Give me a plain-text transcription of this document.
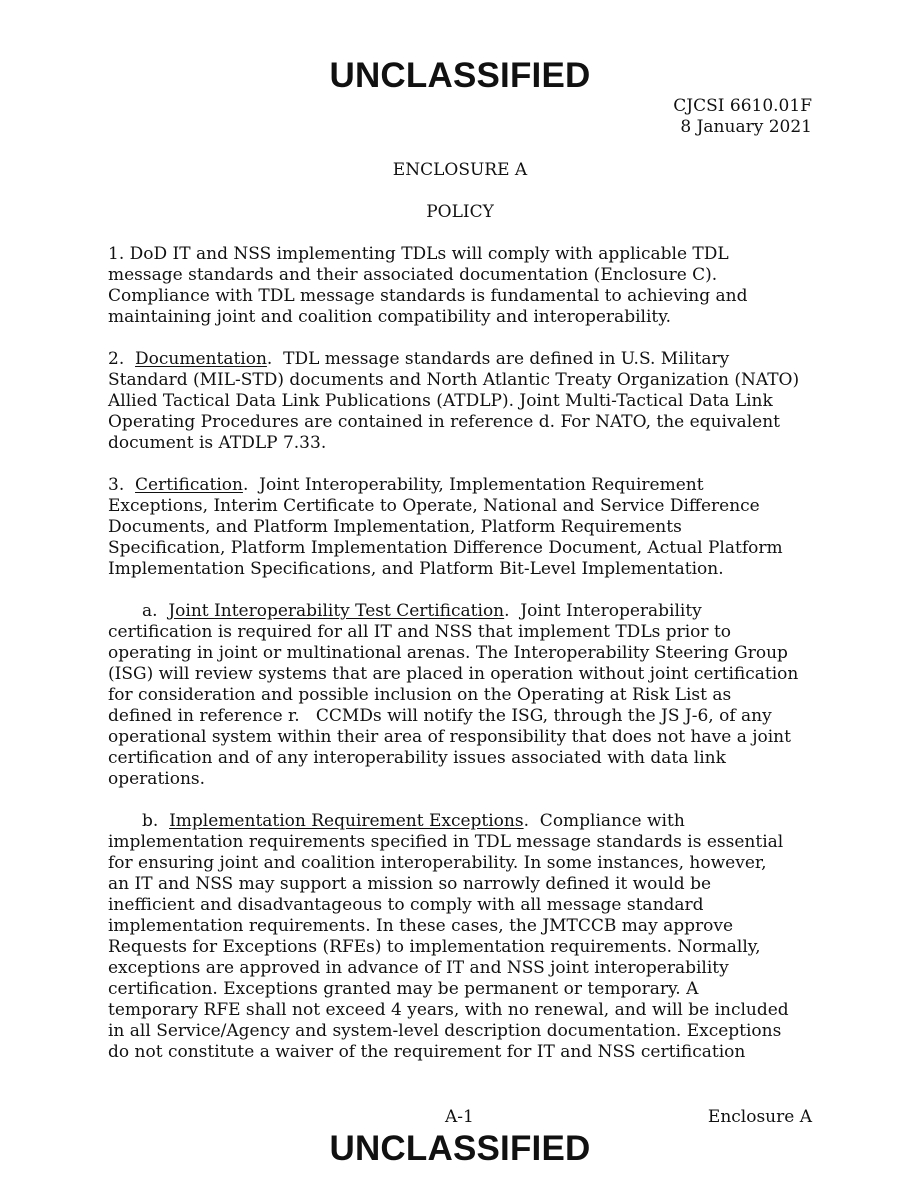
UNCLASSIFIED
CJCSI 6610.01F
8 January 2021
ENCLOSURE A
POLICY
1. DoD IT and NSS implementing TDLs will comply with applicable TDL
message standards and their associated documentation (Enclosure C).
Compliance with TDL message standards is fundamental to achieving and
maintaining joint and coalition compatibility and interoperability.
2.  Documentation.  TDL message standards are defined in U.S. Military
Standard (MIL-STD) documents and North Atlantic Treaty Organization (NATO)
Allied Tactical Data Link Publications (ATDLP). Joint Multi-Tactical Data Link
Operating Procedures are contained in reference d. For NATO, the equivalent
document is ATDLP 7.33.
3.  Certification.  Joint Interoperability, Implementation Requirement
Exceptions, Interim Certificate to Operate, National and Service Difference
Documents, and Platform Implementation, Platform Requirements
Specification, Platform Implementation Difference Document, Actual Platform
Implementation Specifications, and Platform Bit-Level Implementation.
a.  Joint Interoperability Test Certification.  Joint Interoperability
certification is required for all IT and NSS that implement TDLs prior to
operating in joint or multinational arenas. The Interoperability Steering Group
(ISG) will review systems that are placed in operation without joint certification
for consideration and possible inclusion on the Operating at Risk List as
defined in reference r.   CCMDs will notify the ISG, through the JS J-6, of any
operational system within their area of responsibility that does not have a joint
certification and of any interoperability issues associated with data link
operations.
b.  Implementation Requirement Exceptions.  Compliance with
implementation requirements specified in TDL message standards is essential
for ensuring joint and coalition interoperability. In some instances, however,
an IT and NSS may support a mission so narrowly defined it would be
inefficient and disadvantageous to comply with all message standard
implementation requirements. In these cases, the JMTCCB may approve
Requests for Exceptions (RFEs) to implementation requirements. Normally,
exceptions are approved in advance of IT and NSS joint interoperability
certification. Exceptions granted may be permanent or temporary. A
temporary RFE shall not exceed 4 years, with no renewal, and will be included
in all Service/Agency and system-level description documentation. Exceptions
do not constitute a waiver of the requirement for IT and NSS certification
A-1	Enclosure A
UNCLASSIFIED
